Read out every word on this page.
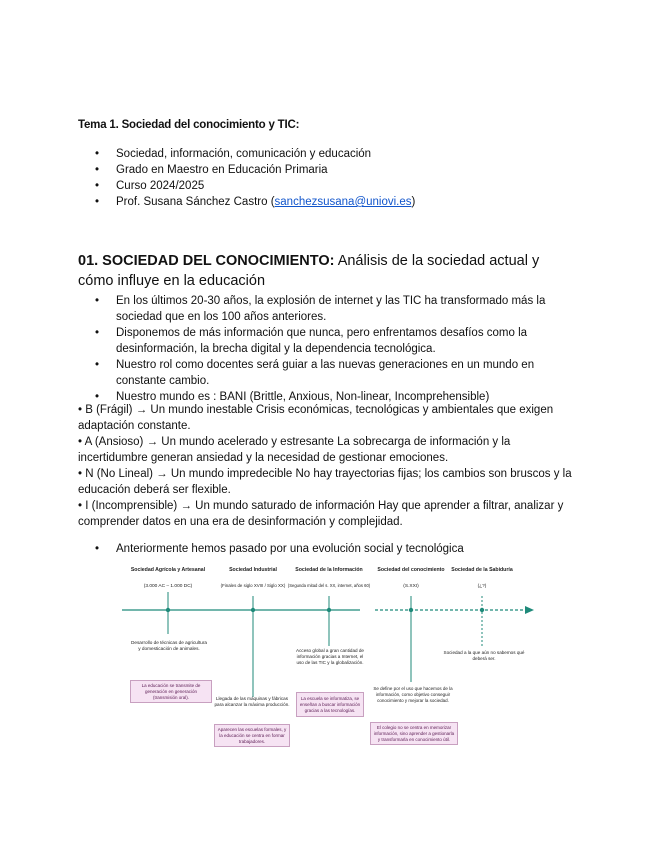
Tema 1. Sociedad del conocimiento y TIC:
• Sociedad, información, comunicación y educación
• Grado en Maestro en Educación Primaria
• Curso 2024/2025
• Prof. Susana Sánchez Castro (sanchezsusana@uniovi.es)
01. SOCIEDAD DEL CONOCIMIENTO: Análisis de la sociedad actual y cómo influye en la educación
• En los últimos 20-30 años, la explosión de internet y las TIC ha transformado más la sociedad que en los 100 años anteriores.
• Disponemos de más información que nunca, pero enfrentamos desafíos como la desinformación, la brecha digital y la dependencia tecnológica.
• Nuestro rol como docentes será guiar a las nuevas generaciones en un mundo en constante cambio.
• Nuestro mundo es : BANI (Brittle, Anxious, Non-linear, Incomprehensible)

• B (Frágil) → Un mundo inestable Crisis económicas, tecnológicas y ambientales que exigen adaptación constante.

• A (Ansioso) → Un mundo acelerado y estresante La sobrecarga de información y la incertidumbre generan ansiedad y la necesidad de gestionar emociones.

• N (No Lineal) → Un mundo impredecible No hay trayectorias fijas; los cambios son bruscos y la educación deberá ser flexible.

• I (Incomprensible) → Un mundo saturado de información Hay que aprender a filtrar, analizar y comprender datos en una era de desinformación y complejidad.

• Anteriormente hemos pasado por una evolución social y tecnológica
Sociedad Agrícola y Artesanal
(3.000 AC – 1.000 DC)
Sociedad Industrial
(Finales de siglo XVIII / Siglo XX)
Sociedad de la Información
(Segunda mitad del s. XX, internet, años 60)
Sociedad del conocimiento
(S.XXI)
Sociedad de la Sabiduría
(¿?)
Desarrollo de técnicas de agricultura y domesticación de animales.
La educación se transmite de generación en generación (transmisión oral).	Llegada de las máquinas y fábricas para alcanzar la máxima producción.
Aparecen las escuelas formales, y la educación se centra en formar trabajadores.
Acceso global a gran cantidad de información gracias a Internet, el uso de las TIC y la globalización.
La escuela se informatiza, se enseñan a buscar información gracias a las tecnologías.
Se define por el uso que hacemos de la información, como objetivo conseguir conocimiento y mejorar la sociedad.
El colegio no se centra en memorizar información, sino aprender a gestionarla y transformarla en conocimiento útil.
Sociedad a la que aún no sabemos qué deberá ser.
